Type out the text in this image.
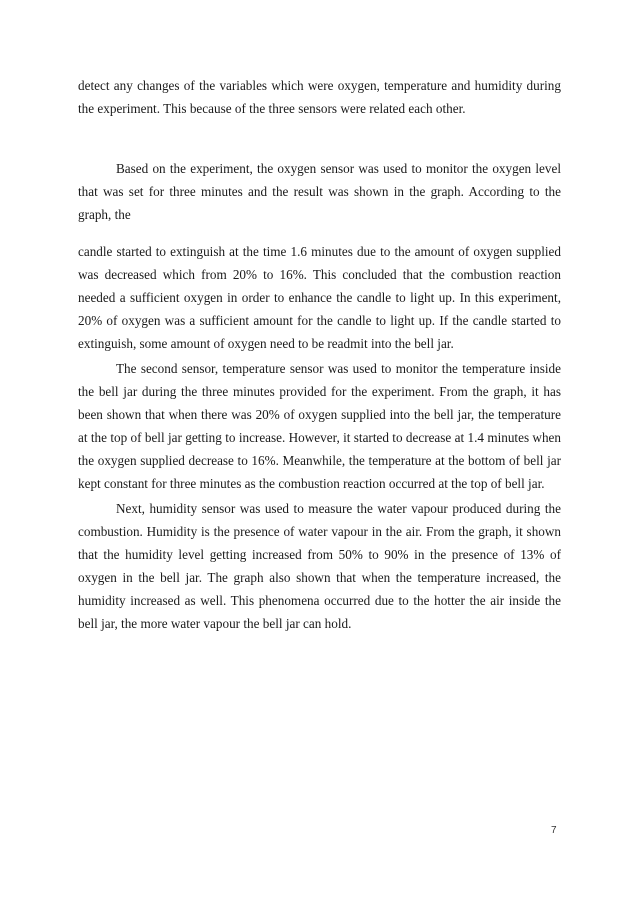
detect any changes of the variables which were oxygen, temperature and humidity during the experiment. This because of the three sensors were related each other.

Based on the experiment, the oxygen sensor was used to monitor the oxygen level that was set for three minutes and the result was shown in the graph. According to the graph, the

candle started to extinguish at the time 1.6 minutes due to the amount of oxygen supplied was decreased which from 20% to 16%. This concluded that the combustion reaction needed a sufficient oxygen in order to enhance the candle to light up. In this experiment, 20% of oxygen was a sufficient amount for the candle to light up. If the candle started to extinguish, some amount of oxygen need to be readmit into the bell jar.

The second sensor, temperature sensor was used to monitor the temperature inside the bell jar during the three minutes provided for the experiment. From the graph, it has been shown that when there was 20% of oxygen supplied into the bell jar, the temperature at the top of bell jar getting to increase. However, it started to decrease at 1.4 minutes when the oxygen supplied decrease to 16%. Meanwhile, the temperature at the bottom of bell jar kept constant for three minutes as the combustion reaction occurred at the top of bell jar.

Next, humidity sensor was used to measure the water vapour produced during the combustion. Humidity is the presence of water vapour in the air. From the graph, it shown that the humidity level getting increased from 50% to 90% in the presence of 13% of oxygen in the bell jar. The graph also shown that when the temperature increased, the humidity increased as well. This phenomena occurred due to the hotter the air inside the bell jar, the more water vapour the bell jar can hold.

7
